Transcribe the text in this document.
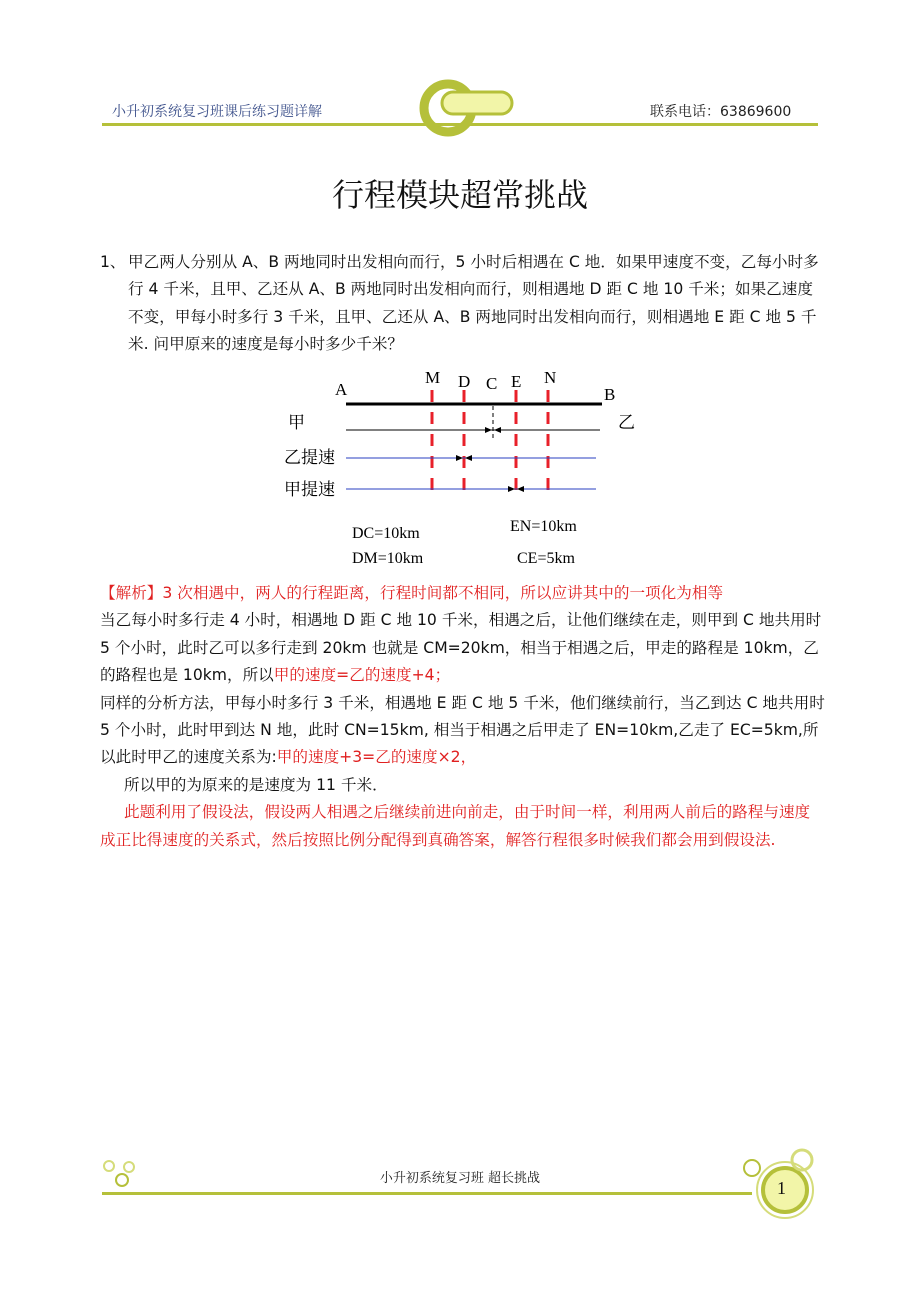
小升初系统复习班课后练习题详解	联系电话：63869600
行程模块超常挑战
1、 甲乙两人分别从 A、B 两地同时出发相向而行，5 小时后相遇在 C 地．如果甲速度不变，乙每小时多行 4 千米，且甲、乙还从 A、B 两地同时出发相向而行，则相遇地 D 距 C 地 10 千米；如果乙速度不变，甲每小时多行 3 千米，且甲、乙还从 A、B 两地同时出发相向而行，则相遇地 E 距 C 地 5 千米. 问甲原来的速度是每小时多少千米？
A
M D C E N
B
甲	乙
乙提速
甲提速
DC=10km
DM=10km
EN=10km
CE=5km
【解析】3 次相遇中，两人的行程距离，行程时间都不相同，所以应讲其中的一项化为相等
当乙每小时多行走 4 小时，相遇地 D 距 C 地 10 千米，相遇之后，让他们继续在走，则甲到 C 地共用时 5 个小时，此时乙可以多行走到 20km 也就是 CM=20km，相当于相遇之后，甲走的路程是 10km，乙的路程也是 10km，所以甲的速度=乙的速度+4；
同样的分析方法，甲每小时多行 3 千米，相遇地 E 距 C 地 5 千米，他们继续前行，当乙到达 C 地共用时 5 个小时，此时甲到达 N 地，此时 CN=15km, 相当于相遇之后甲走了 EN=10km,乙走了 EC=5km,所以此时甲乙的速度关系为:甲的速度+3=乙的速度×2，
所以甲的为原来的是速度为 11 千米．
此题利用了假设法，假设两人相遇之后继续前进向前走，由于时间一样，利用两人前后的路程与速度成正比得速度的关系式，然后按照比例分配得到真确答案，解答行程很多时候我们都会用到假设法.
小升初系统复习班 超长挑战	1
